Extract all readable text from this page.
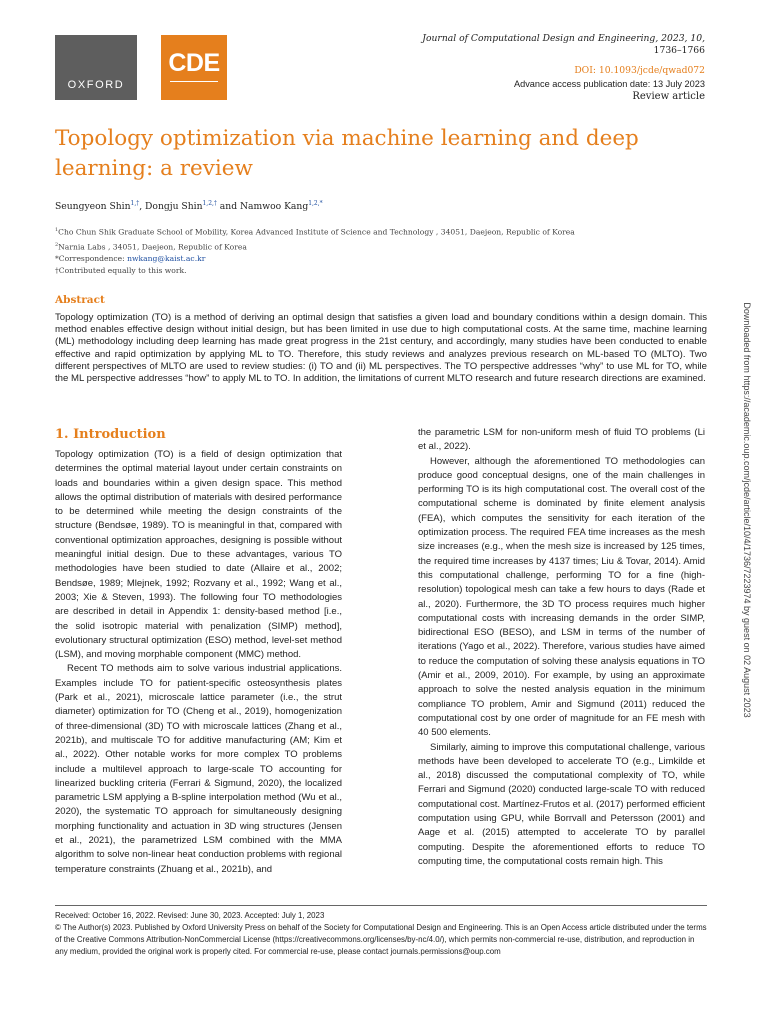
OXFORD
CDE
Journal of Computational Design and Engineering, 2023, 10,
1736–1766
DOI: 10.1093/jcde/qwad072
Advance access publication date: 13 July 2023
Review article
Topology optimization via machine learning and deep learning: a review
Seungyeon Shin$^{1,\dagger}$, Dongju Shin$^{1,2,\dagger}$ and Namwoo Kang$^{1,2,*}$
$^1$Cho Chun Shik Graduate School of Mobility, Korea Advanced Institute of Science and Technology , 34051, Daejeon, Republic of Korea
$^2$Narnia Labs , 34051, Daejeon, Republic of Korea
*Correspondence: nwkang@kaist.ac.kr
†Contributed equally to this work.
Abstract
Topology optimization (TO) is a method of deriving an optimal design that satisfies a given load and boundary conditions within a design domain. This method enables effective design without initial design, but has been limited in use due to high computational costs. At the same time, machine learning (ML) methodology including deep learning has made great progress in the 21st century, and accordingly, many studies have been conducted to enable effective and rapid optimization by applying ML to TO. Therefore, this study reviews and analyzes previous research on ML-based TO (MLTO). Two different perspectives of MLTO are used to review studies: (i) TO and (ii) ML perspectives. The TO perspective addresses “why” to use ML for TO, while the ML perspective addresses “how” to apply ML to TO. In addition, the limitations of current MLTO research and future research directions are examined.
1. Introduction

Topology optimization (TO) is a field of design optimization that determines the optimal material layout under certain constraints on loads and boundaries within a given design space. This method allows the optimal distribution of materials with desired performance to be determined while meeting the design constraints of the structure (Bendsøe, 1989). TO is meaningful in that, compared with conventional optimization approaches, designing is possible without meaningful initial design. Due to these advantages, various TO methodologies have been studied to date (Allaire et al., 2002; Bendsøe, 1989; Mlejnek, 1992; Rozvany et al., 1992; Wang et al., 2003; Xie & Steven, 1993). The following four TO methodologies are described in detail in Appendix 1: density-based method [i.e., the solid isotropic material with penalization (SIMP) method], evolutionary structural optimization (ESO) method, level-set method (LSM), and moving morphable component (MMC) method.

Recent TO methods aim to solve various industrial applications. Examples include TO for patient-specific osteosynthesis plates (Park et al., 2021), microscale lattice parameter (i.e., the strut diameter) optimization for TO (Cheng et al., 2019), homogenization of three-dimensional (3D) TO with microscale lattices (Zhang et al., 2021b), and multiscale TO for additive manufacturing (AM; Kim et al., 2022). Other notable works for more complex TO problems include a multilevel approach to large-scale TO accounting for linearized buckling criteria (Ferrari & Sigmund, 2020), the localized parametric LSM applying a B-spline interpolation method (Wu et al., 2020), the systematic TO approach for simultaneously designing morphing functionality and actuation in 3D wing structures (Jensen et al., 2021), the parametrized LSM combined with the MMA algorithm to solve non-linear heat conduction problems with regional temperature constraints (Zhuang et al., 2021b), and

the parametric LSM for non-uniform mesh of fluid TO problems (Li et al., 2022).

However, although the aforementioned TO methodologies can produce good conceptual designs, one of the main challenges in performing TO is its high computational cost. The overall cost of the computational scheme is dominated by finite element analysis (FEA), which computes the sensitivity for each iteration of the optimization process. The required FEA time increases as the mesh size increases (e.g., when the mesh size is increased by 125 times, the required time increases by 4137 times; Liu & Tovar, 2014). Amid this computational challenge, performing TO for a fine (high-resolution) topological mesh can take a few hours to days (Rade et al., 2020). Furthermore, the 3D TO process requires much higher computational costs with increasing demands in the order SIMP, bidirectional ESO (BESO), and LSM in terms of the number of iterations (Yago et al., 2022). Therefore, various studies have aimed to reduce the computation of solving these analysis equations in TO (Amir et al., 2009, 2010). For example, by using an approximate approach to solve the nested analysis equation in the minimum compliance TO problem, Amir and Sigmund (2011) reduced the computational cost by one order of magnitude for an FE mesh with 40 500 elements.

Similarly, aiming to improve this computational challenge, various methods have been developed to accelerate TO (e.g., Limkilde et al., 2018) discussed the computational complexity of TO, while Ferrari and Sigmund (2020) conducted large-scale TO with reduced computational cost. Martínez-Frutos et al. (2017) performed efficient computation using GPU, while Borrvall and Petersson (2001) and Aage et al. (2015) attempted to accelerate TO by parallel computing. Despite the aforementioned efforts to reduce TO computing time, the computational costs remain high. This

Received: October 16, 2022. Revised: June 30, 2023. Accepted: July 1, 2023
© The Author(s) 2023. Published by Oxford University Press on behalf of the Society for Computational Design and Engineering. This is an Open Access article distributed under the terms of the Creative Commons Attribution-NonCommercial License (https://creativecommons.org/licenses/by-nc/4.0/), which permits non-commercial re-use, distribution, and reproduction in any medium, provided the original work is properly cited. For commercial re-use, please contact journals.permissions@oup.com
Downloaded from https://academic.oup.com/jcde/article/10/4/1736/7223974 by guest on 02 August 2023
